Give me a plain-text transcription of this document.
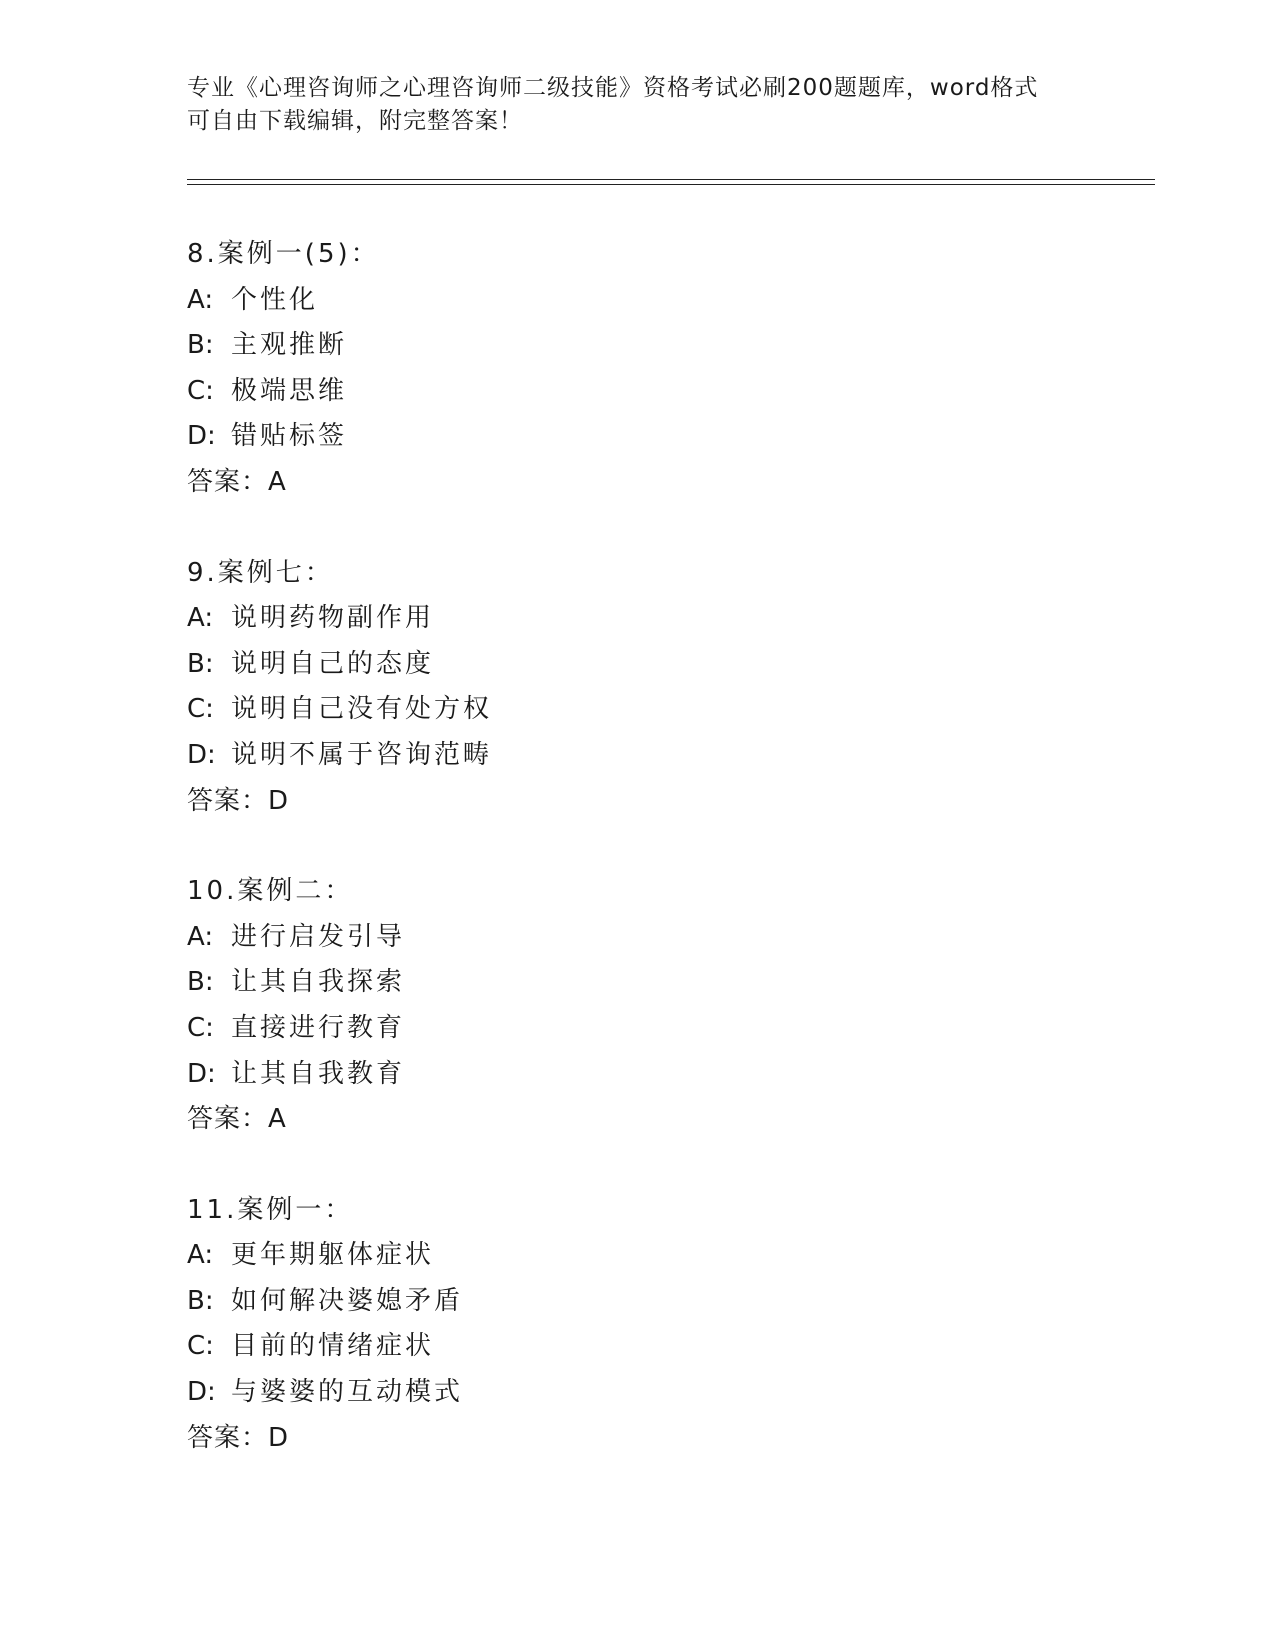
专业《心理咨询师之心理咨询师二级技能》资格考试必刷200题题库，word格式
可自由下载编辑，附完整答案！
8.案例一(5)：
A: 个性化
B: 主观推断
C: 极端思维
D: 错贴标签
答案：A
9.案例七：
A: 说明药物副作用
B: 说明自己的态度
C: 说明自己没有处方权
D: 说明不属于咨询范畴
答案：D
10.案例二：
A: 进行启发引导
B: 让其自我探索
C: 直接进行教育
D: 让其自我教育
答案：A
11.案例一：
A: 更年期躯体症状
B: 如何解决婆媳矛盾
C: 目前的情绪症状
D: 与婆婆的互动模式
答案：D
